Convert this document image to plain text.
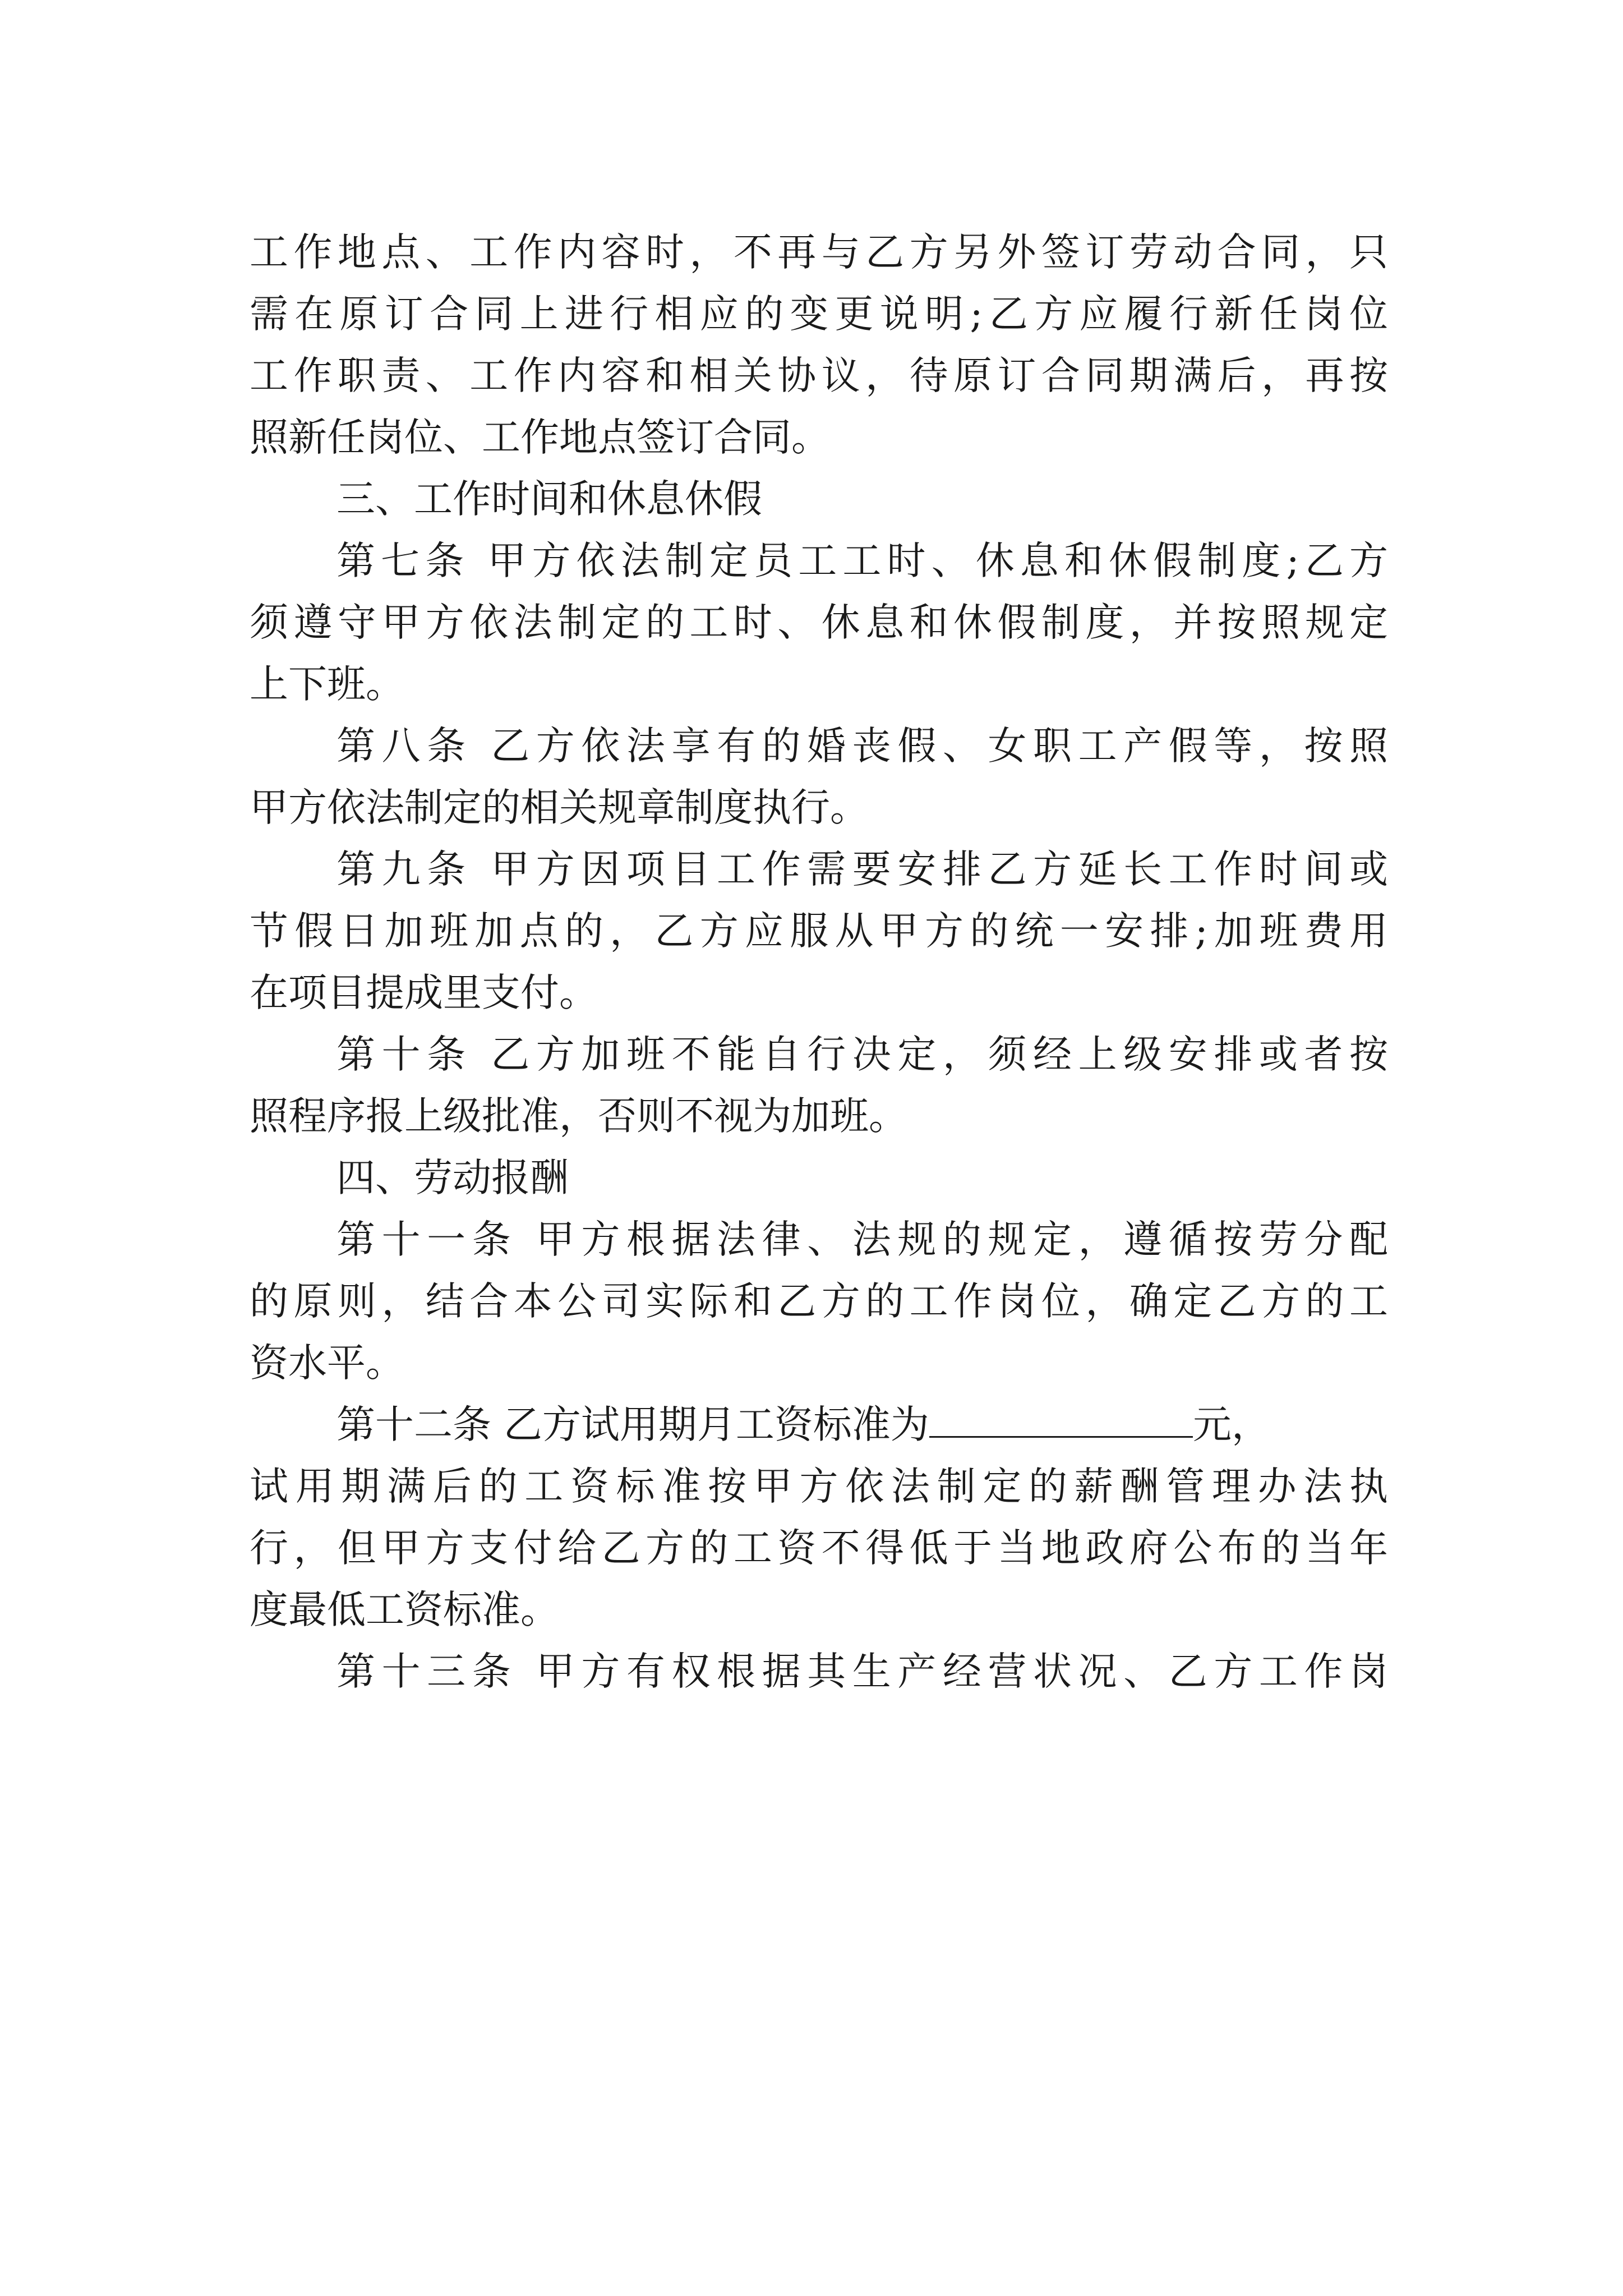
工作地点、工作内容时，不再与乙方另外签订劳动合同，只
需在原订合同上进行相应的变更说明;乙方应履行新任岗位
工作职责、工作内容和相关协议，待原订合同期满后，再按
照新任岗位、工作地点签订合同。
三、工作时间和休息休假
第七条 甲方依法制定员工工时、休息和休假制度;乙方
须遵守甲方依法制定的工时、休息和休假制度，并按照规定
上下班。
第八条 乙方依法享有的婚丧假、女职工产假等，按照
甲方依法制定的相关规章制度执行。
第九条 甲方因项目工作需要安排乙方延长工作时间或
节假日加班加点的，乙方应服从甲方的统一安排;加班费用
在项目提成里支付。
第十条 乙方加班不能自行决定，须经上级安排或者按
照程序报上级批准，否则不视为加班。
四、劳动报酬
第十一条 甲方根据法律、法规的规定，遵循按劳分配
的原则，结合本公司实际和乙方的工作岗位，确定乙方的工
资水平。
第十二条 乙方试用期月工资标准为	元，
试用期满后的工资标准按甲方依法制定的薪酬管理办法执
行，但甲方支付给乙方的工资不得低于当地政府公布的当年
度最低工资标准。
第十三条 甲方有权根据其生产经营状况、乙方工作岗
